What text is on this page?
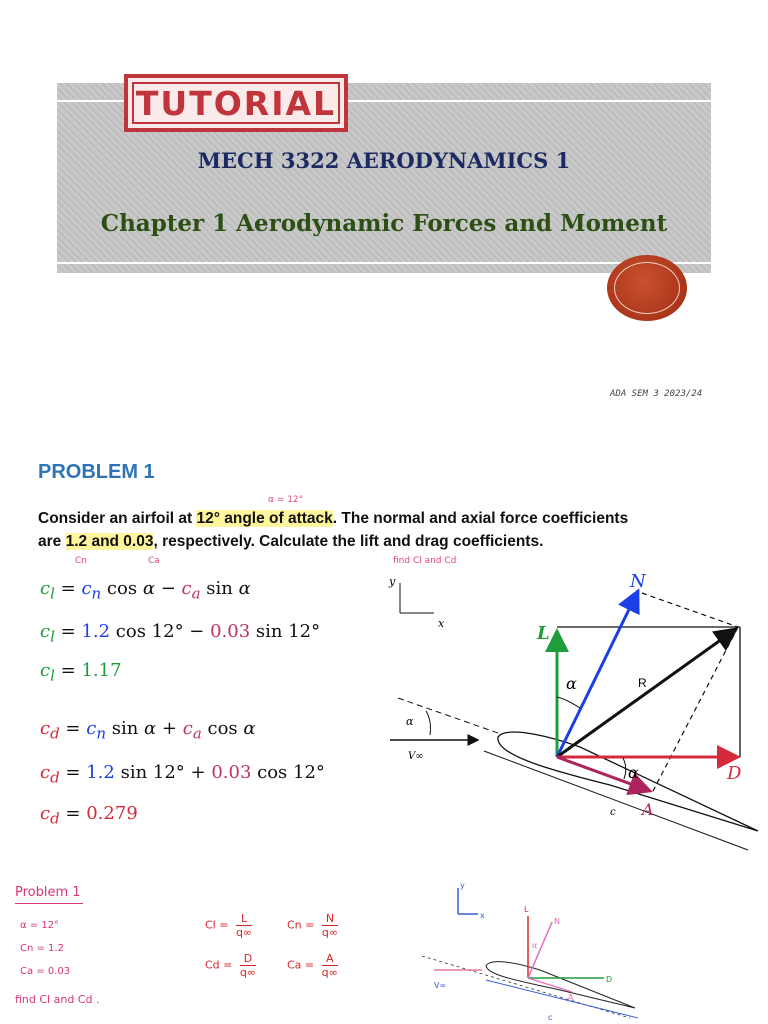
TUTORIAL
MECH 3322 AERODYNAMICS 1
Chapter 1 Aerodynamic Forces and Moment
ADA SEM 3 2023/24
PROBLEM 1
α = 12°
Consider an airfoil at 12° angle of attack. The normal and axial force coefficients
are 1.2 and 0.03, respectively. Calculate the lift and drag coefficients.
Cn	Ca	find Cl and Cd
$c_l = c_n$ $\cos \alpha - c_a$ sin α
$c_l = 1.2$ cos 12° − 0.03 sin 12°
$c_l = 1.17$
$c_d = c_n$ $\sin \alpha + c_a$ cos α
$c_d = 1.2$ sin 12° + 0.03 cos 12°
$c_d = 0.279$
y
x
V∞
α
c
N
L
R
α
α	D
A
Problem 1
α = 12°
Cn = 1.2
Ca = 0.03
find Cl and Cd .
$Cl = \frac{L}{q\infty}$	$Cn = \frac{N}{q\infty}$
$Cd = \frac{D}{q\infty}$	$Ca = \frac{A}{q\infty}$
y
x
V∞
L
N
D
A
c
α
